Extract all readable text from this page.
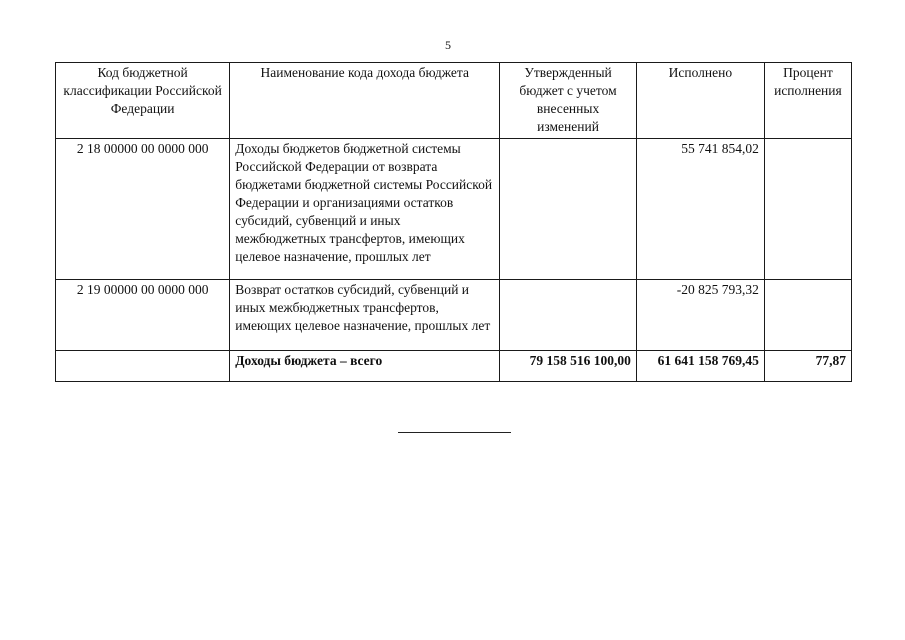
5
Код бюджетной классификации Российской Федерации	Наименование кода дохода бюджета	Утвержденный бюджет с учетом внесенных изменений	Исполнено	Процент исполнения
2 18 00000 00 0000 000	Доходы бюджетов бюджетной системы Российской Федерации от возврата бюджетами бюджетной системы Российской Федерации и организациями остатков субсидий, субвенций и иных межбюджетных трансфертов, имеющих целевое назначение, прошлых лет		55 741 854,02	
2 19 00000 00 0000 000	Возврат остатков субсидий, субвенций и иных межбюджетных трансфертов, имеющих целевое назначение, прошлых лет		-20 825 793,32	
	Доходы бюджета – всего	79 158 516 100,00	61 641 158 769,45	77,87
